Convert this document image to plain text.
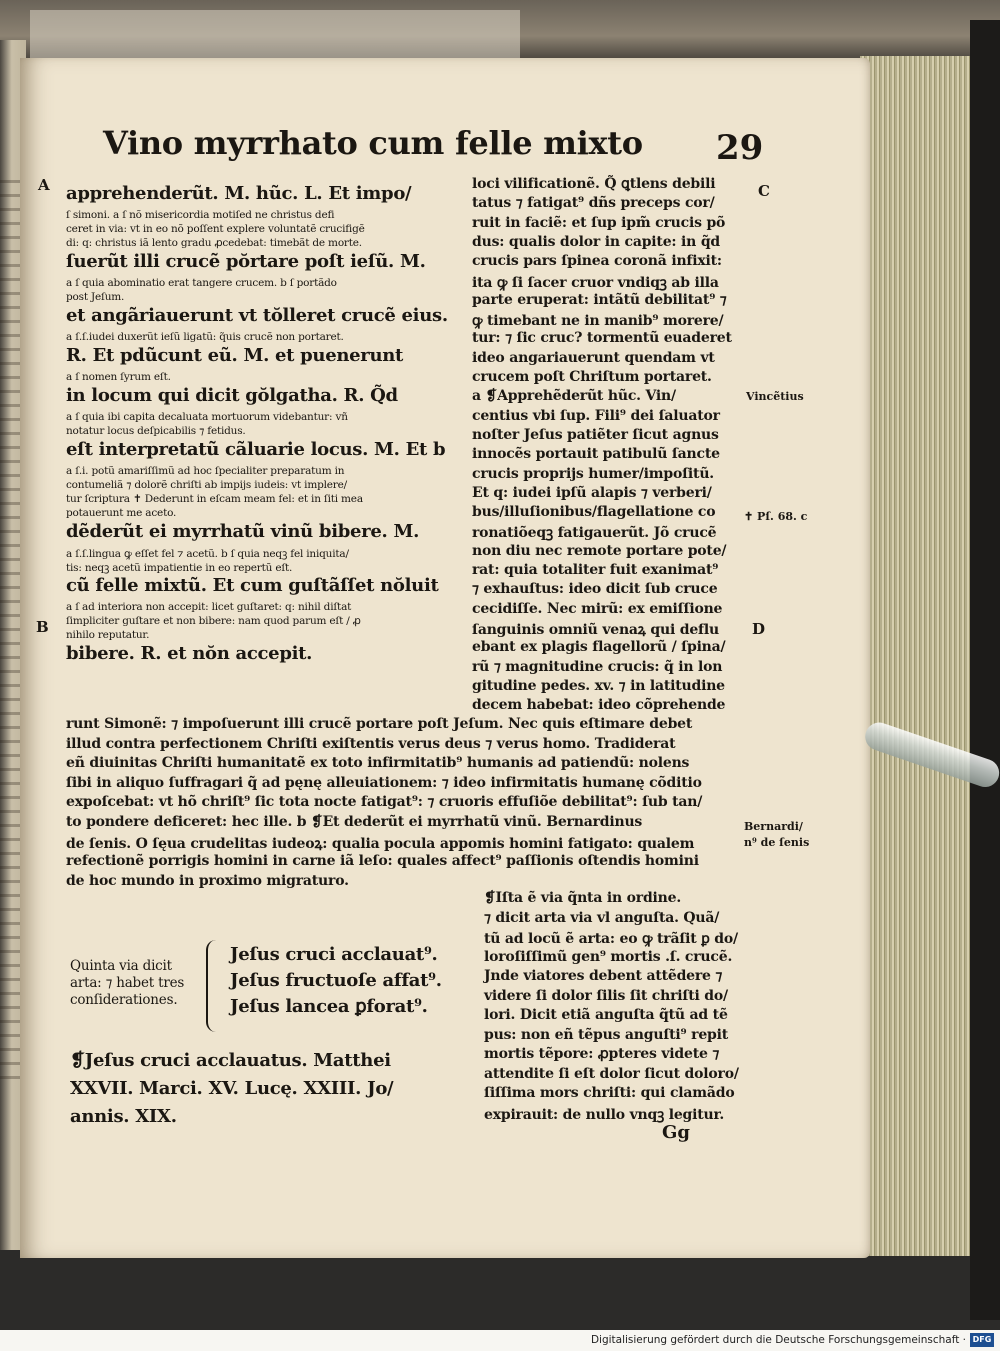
Vino myrrhato cum felle mixto 29
A	C
B	D
Vincẽtius
✝ Pſ. 68. c
Bernardi/
n⁹ de ſenis
apprehenderũt. M. hũc. L. Et impo/
ſ simoni. a ſ nõ misericordia motiſed ne christus defi
ceret in via: vt in eo nõ poſſent explere voluntatẽ crucifigẽ
di: q: christus iã lento gradu ꝓcedebat: timebãt de morte.
ſuerũt illi crucẽ pŏrtare poſt ieſũ. M.
a ſ quia abominatio erat tangere crucem. b ſ portãdo
post Jeſum.
et angãriauerunt vt tŏlleret crucẽ eius.
a ſ.ſ.iudei duxerũt ieſũ ligatũ: q̃uis crucẽ non portaret.
R. Et pdũcunt eũ. M. et puenerunt
a ſ nomen ſyrum eſt.
in locum qui dicit gŏlgatha. R. Q̃d
a ſ quia ibi capita decaluata mortuorum videbantur: vñ
notatur locus deſpicabilis ⁊ fetidus.
eſt interpretatũ cãluarie locus. M. Et b
a ſ.i. potũ amariſſimũ ad hoc ſpecialiter preparatum in
contumeliã ⁊ dolorẽ chriſti ab impijs iudeis: vt implere/
tur ſcriptura ✝ Dederunt in eſcam meam fel: et in ſiti mea
potauerunt me aceto.
dẽderũt ei myrrhatũ vinũ bibere. M.
a ſ.ſ.lingua ꝙ eſſet fel ⁊ acetũ. b ſ quia neqꝫ fel iniquita/
tis: neqꝫ acetũ impatientie in eo repertũ eſt.
cũ felle mixtũ. Et cum guſtãſſet nŏluit
a ſ ad interiora non accepit: licet guſtaret: q: nihil diſtat
ſimpliciter guſtare et non bibere: nam quod parum eſt / ꝓ
nihilo reputatur.
bibere. R. et nŏn accepit.
loci vilificationẽ. Q̃ ꝗtlens debili
tatus ⁊ fatigat⁹ dñs preceps cor/
ruit in faciẽ: et ſup ipm̃ crucis põ
dus: qualis dolor in capite: in q̃d
crucis pars ſpinea coronã infixit:
ita ꝙ ſi ſacer cruor vndiqꝫ ab illa
parte eruperat: intãtũ debilitat⁹ ⁊
ꝙ timebant ne in manib⁹ morere/
tur: ⁊ ſic cruc? tormentũ euaderet
ideo angariauerunt quendam vt
crucem poſt Chriſtum portaret.
a ❡Apprehẽderũt hũc. Vin/
centius vbi ſup. Fili⁹ dei ſaluator
noſter Jeſus patiẽter ſicut agnus
innocẽs portauit patibulũ ſancte
crucis proprijs humer/impoſitũ.
Et q: iudei ipſũ alapis ⁊ verberi/
bus/illuſionibus/flagellatione co
ronatiõeqꝫ fatigauerũt. Jõ crucẽ
non diu nec remote portare pote/
rat: quia totaliter fuit exanimat⁹
⁊ exhauſtus: ideo dicit ſub cruce
cecidiſſe. Nec mirũ: ex emiſſione
ſanguinis omniũ venaꝝ qui deflu
ebant ex plagis flagellorũ / ſpina/
rũ ⁊ magnitudine crucis: q̃ in lon
gitudine pedes. xv. ⁊ in latitudine
decem habebat: ideo cõprehende
runt Simonẽ: ⁊ impoſuerunt illi crucẽ portare poſt Jeſum. Nec quis eſtimare debet
illud contra perfectionem Chriſti exiſtentis verus deus ⁊ verus homo. Tradiderat
eñ diuinitas Chriſti humanitatẽ ex toto infirmitatib⁹ humanis ad patiendũ: nolens
ſibi in aliquo ſuffragari q̃ ad pęnę alleuiationem: ⁊ ideo infirmitatis humanę cõditio
expoſcebat: vt hõ chriſt⁹ ſic tota nocte fatigat⁹: ⁊ cruoris effuſiõe debilitat⁹: ſub tan/
to pondere deficeret: hec ille. b ❡Et dederũt ei myrrhatũ vinũ. Bernardinus
de ſenis. O ſęua crudelitas iudeoꝝ: qualia pocula appomis homini fatigato: qualem
refectionẽ porrigis homini in carne iã leſo: quales affect⁹ paſſionis oſtendis homini
de hoc mundo in proximo migraturo.
❡Iſta ẽ via q̃nta in ordine.
⁊ dicit arta via vl anguſta. Quã/
tũ ad locũ ẽ arta: eo ꝙ trãſit ꝑ do/
loroſiſſimũ gen⁹ mortis .ſ. crucẽ.
Jnde viatores debent attẽdere ⁊
videre ſi dolor ſilis ſit chriſti do/
lori. Dicit etiã anguſta q̃tũ ad tẽ
pus: non eñ tẽpus anguſti⁹ repit
mortis tẽpore: ꝓpteres videte ⁊
attendite ſi eſt dolor ſicut doloro/
ſiſſima mors chriſti: qui clamãdo
expirauit: de nullo vnqꝫ legitur.
Quinta via dicit
arta: ⁊ habet tres
conſiderationes.
Jeſus cruci acclauat⁹.
Jeſus fructuoſe affat⁹.
Jeſus lancea ꝑforat⁹.
❡Jeſus cruci acclauatus. Matthei
XXVII. Marci. XV. Lucę. XXIII. Jo/
annis. XIX.
Gg
Digitalisierung gefördert durch die Deutsche Forschungsgemeinschaft · DFG
